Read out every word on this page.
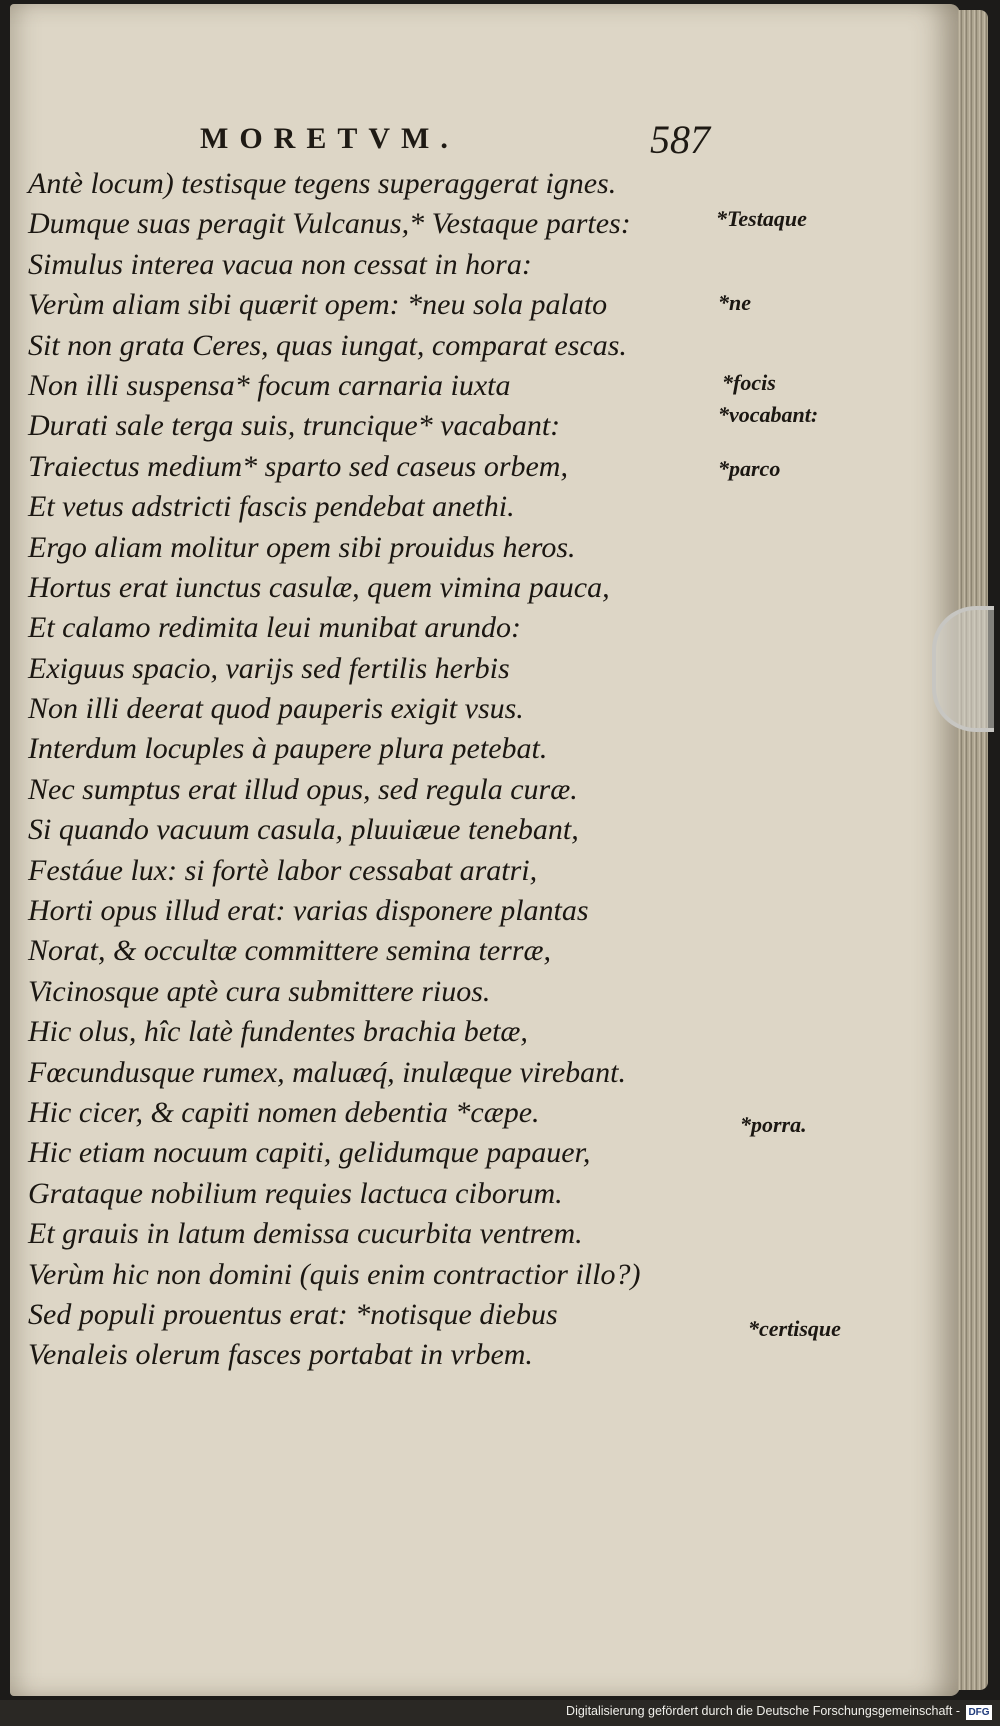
MORETVM.	587
Antè locum) testisque tegens superaggerat ignes.
Dumque suas peragit Vulcanus,* Vestaque partes:
Simulus interea vacua non cessat in hora:
Verùm aliam sibi quærit opem: *neu sola palato
Sit non grata Ceres, quas iungat, comparat escas.
Non illi suspensa* focum carnaria iuxta
Durati sale terga suis, truncique* vacabant:
Traiectus medium* sparto sed caseus orbem,
Et vetus adstricti fascis pendebat anethi.
Ergo aliam molitur opem sibi prouidus heros.
Hortus erat iunctus casulæ, quem vimina pauca,
Et calamo redimita leui munibat arundo:
Exiguus spacio, varijs sed fertilis herbis
Non illi deerat quod pauperis exigit vsus.
Interdum locuples à paupere plura petebat.
Nec sumptus erat illud opus, sed regula curæ.
Si quando vacuum casula, pluuiæue tenebant,
Festáue lux: si fortè labor cessabat aratri,
Horti opus illud erat: varias disponere plantas
Norat, & occultæ committere semina terræ,
Vicinosque aptè cura submittere riuos.
Hic olus, hîc latè fundentes brachia betæ,
Fœcundusque rumex, maluæq́, inulæque virebant.
Hic cicer, & capiti nomen debentia *cæpe.
Hic etiam nocuum capiti, gelidumque papauer,
Grataque nobilium requies lactuca ciborum.
Et grauis in latum demissa cucurbita ventrem.
Verùm hic non domini (quis enim contractior illo?)
Sed populi prouentus erat: *notisque diebus
Venaleis olerum fasces portabat in vrbem.
*Testaque
*ne
*focis
*vocabant:
*parco
*porra.
*certisque
Digitalisierung gefördert durch die Deutsche Forschungsgemeinschaft - DFG
